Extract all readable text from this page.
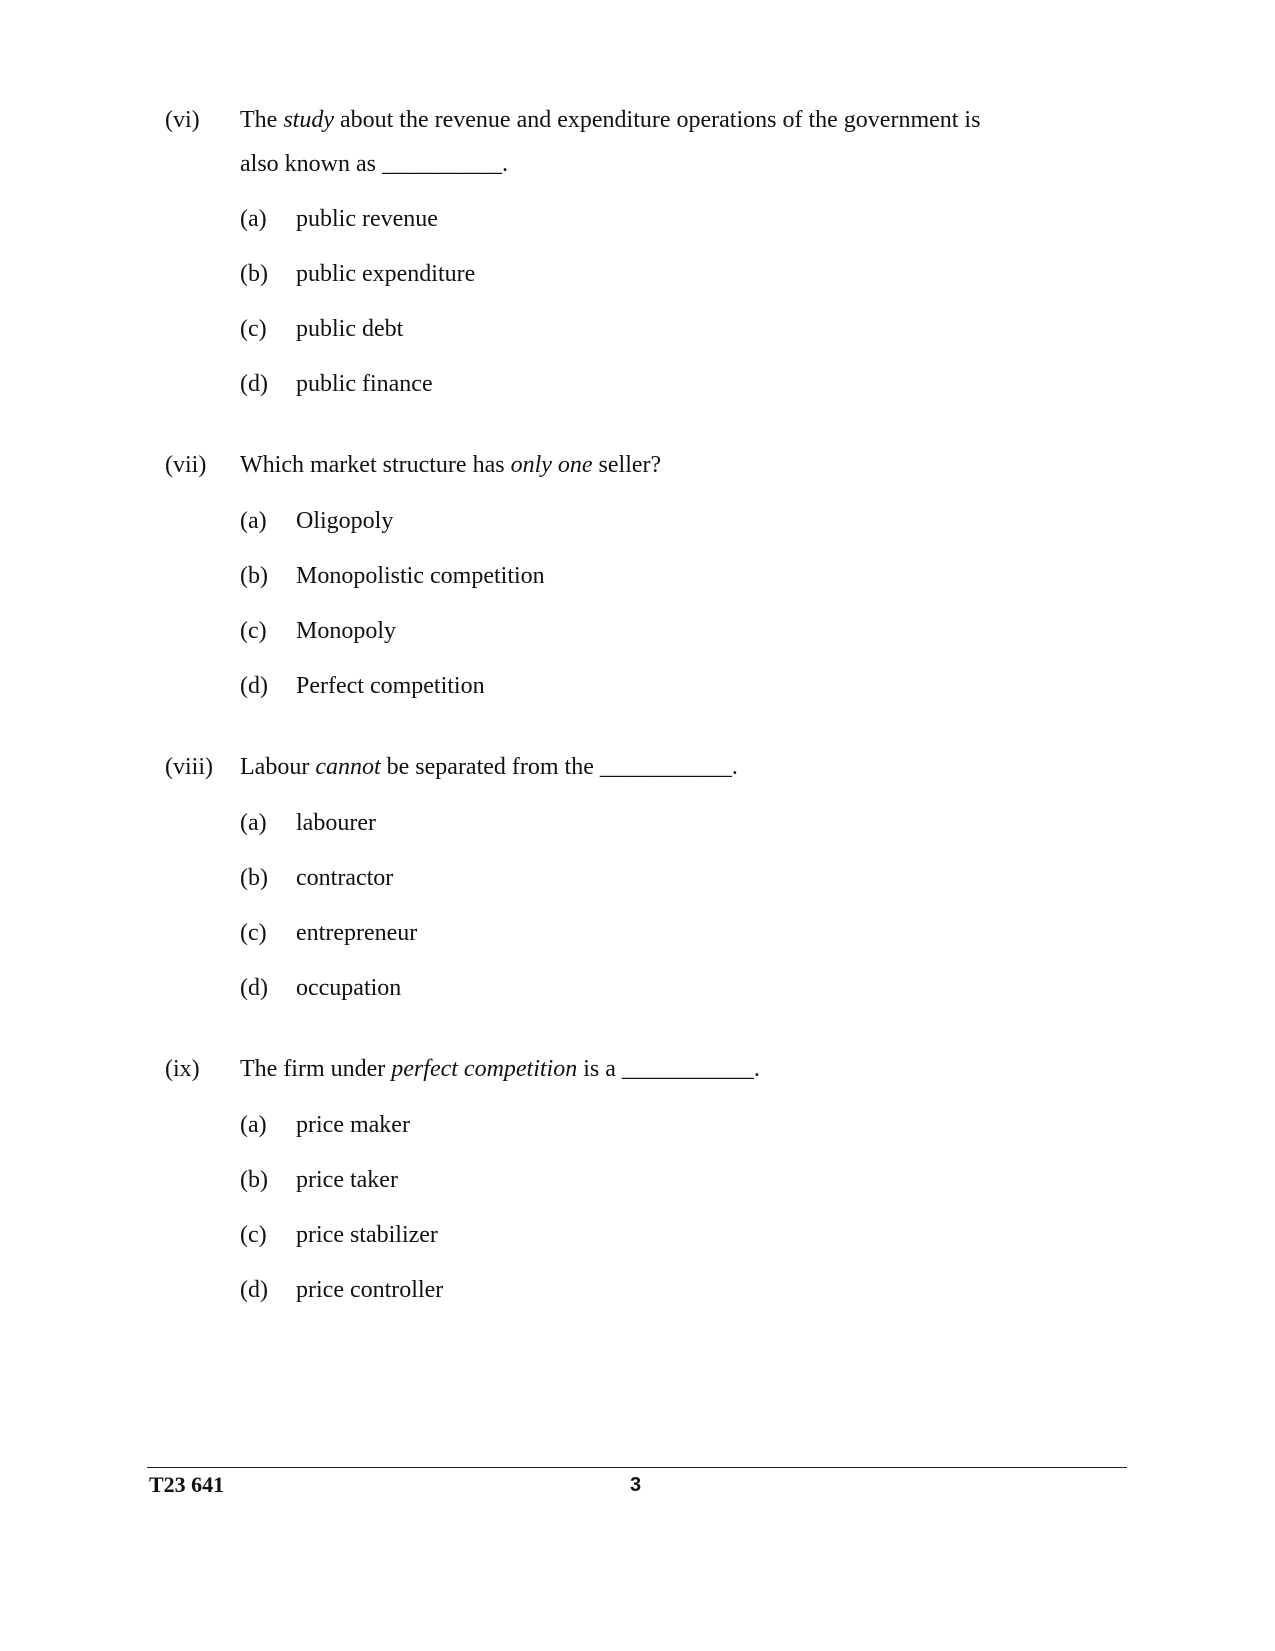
(vi) The study about the revenue and expenditure operations of the government is also known as __________.
(a) public revenue
(b) public expenditure
(c) public debt
(d) public finance
(vii) Which market structure has only one seller?
(a) Oligopoly
(b) Monopolistic competition
(c) Monopoly
(d) Perfect competition
(viii) Labour cannot be separated from the ___________.
(a) labourer
(b) contractor
(c) entrepreneur
(d) occupation
(ix) The firm under perfect competition is a ___________.
(a) price maker
(b) price taker
(c) price stabilizer
(d) price controller
T23 641	3
